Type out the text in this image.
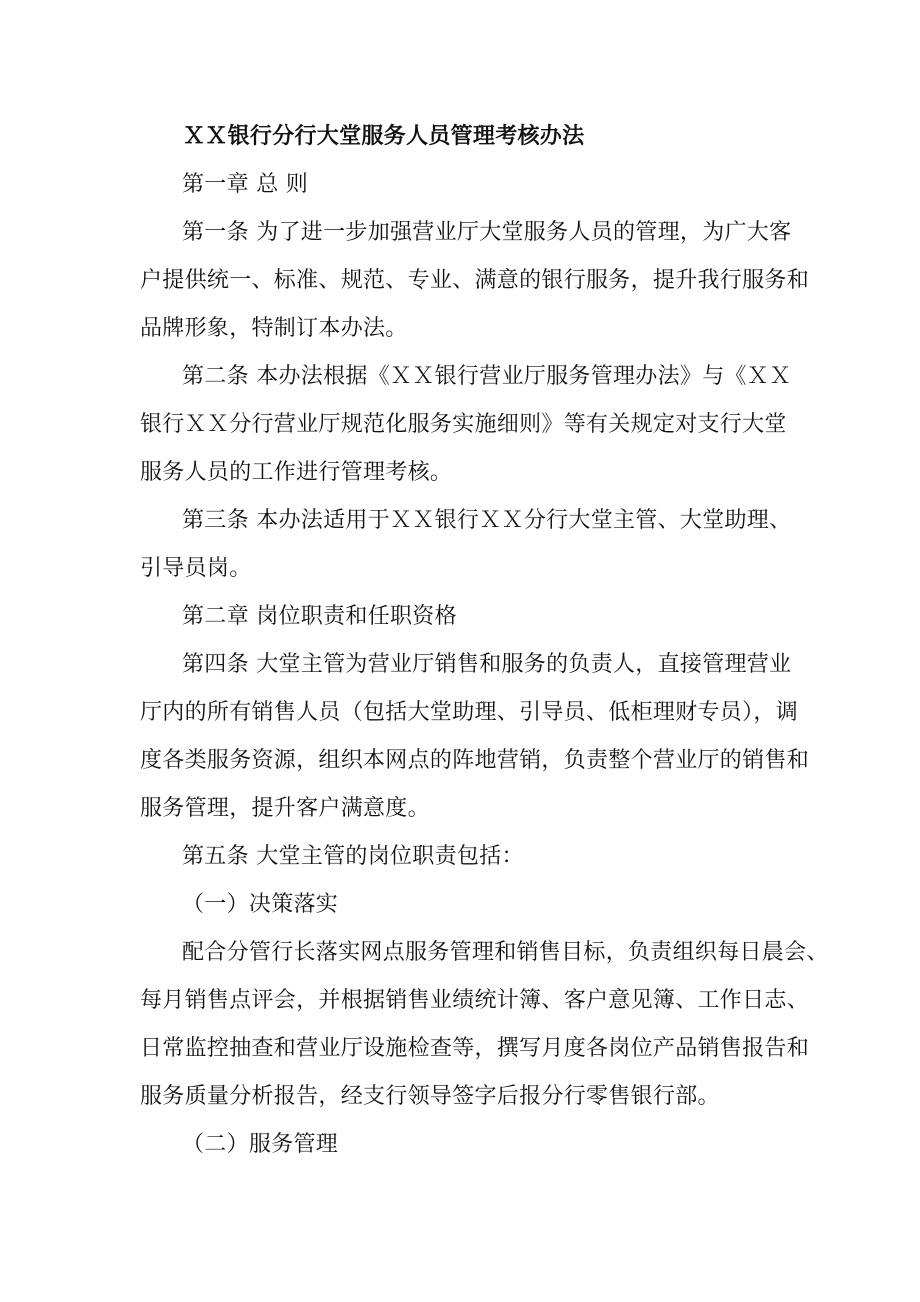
ＸＸ银行分行大堂服务人员管理考核办法
第一章 总 则
第一条 为了进一步加强营业厅大堂服务人员的管理，为广大客
户提供统一、标准、规范、专业、满意的银行服务，提升我行服务和
品牌形象，特制订本办法。
第二条 本办法根据《ＸＸ银行营业厅服务管理办法》与《ＸＸ
银行ＸＸ分行营业厅规范化服务实施细则》等有关规定对支行大堂
服务人员的工作进行管理考核。
第三条 本办法适用于ＸＸ银行ＸＸ分行大堂主管、大堂助理、
引导员岗。
第二章 岗位职责和任职资格
第四条 大堂主管为营业厅销售和服务的负责人，直接管理营业
厅内的所有销售人员（包括大堂助理、引导员、低柜理财专员），调
度各类服务资源，组织本网点的阵地营销，负责整个营业厅的销售和
服务管理，提升客户满意度。
第五条 大堂主管的岗位职责包括：
（一）决策落实
配合分管行长落实网点服务管理和销售目标，负责组织每日晨会、
每月销售点评会，并根据销售业绩统计簿、客户意见簿、工作日志、
日常监控抽查和营业厅设施检查等，撰写月度各岗位产品销售报告和
服务质量分析报告，经支行领导签字后报分行零售银行部。
（二）服务管理
